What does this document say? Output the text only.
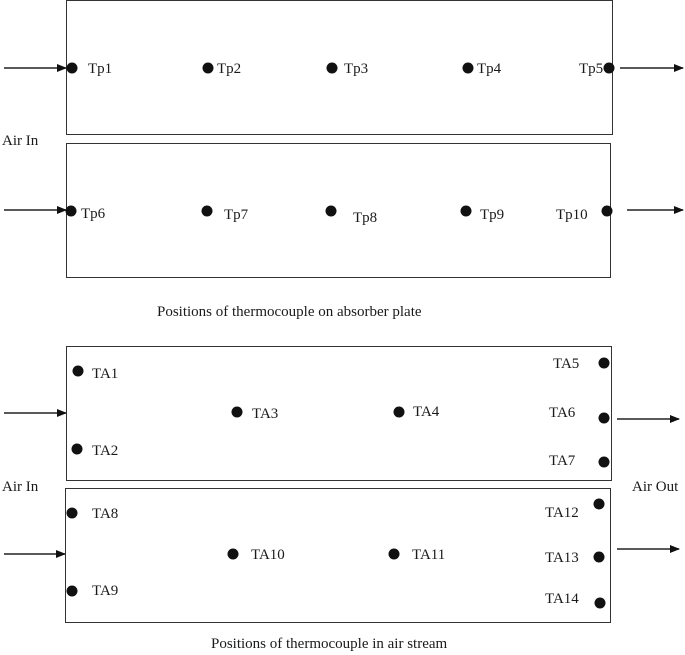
Tp1	Tp2	Tp3	Tp4	Tp5
Air In
Tp6	Tp7	Tp8	Tp9	Tp10
Positions of thermocouple on absorber plate
TA1
TA2
TA3	TA4
TA5
TA6
TA7
Air In	Air Out
TA8
TA9
TA10	TA11
TA12
TA13
TA14
Positions of thermocouple in air stream
